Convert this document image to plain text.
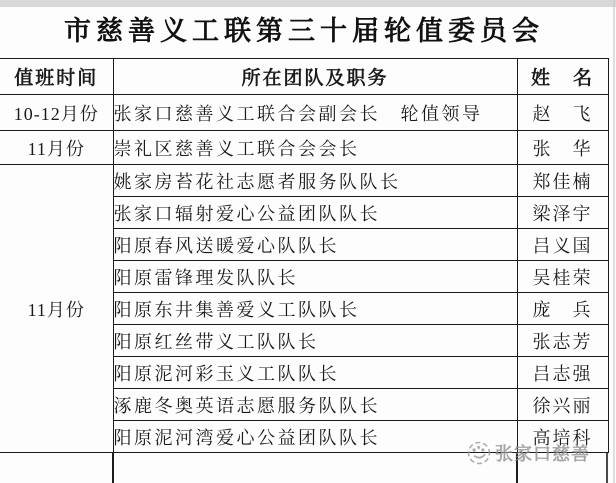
市慈善义工联第三十届轮值委员会
值班时间	所在团队及职务	姓　名
10-12月份	张家口慈善义工联合会副会长　轮值领导	赵　飞
11月份	崇礼区慈善义工联合会会长	张　华
11月份	姚家房苔花社志愿者服务队队长	郑佳楠
	张家口辐射爱心公益团队队长	梁泽宇
	阳原春风送暖爱心队队长	吕义国
	阳原雷锋理发队队长	吴桂荣
	阳原东井集善爱义工队队长	庞　兵
	阳原红丝带义工队队长	张志芳
	阳原泥河彩玉义工队队长	吕志强
	涿鹿冬奥英语志愿服务队队长	徐兴丽
	阳原泥河湾爱心公益团队队长	高培科
张家口慈善
